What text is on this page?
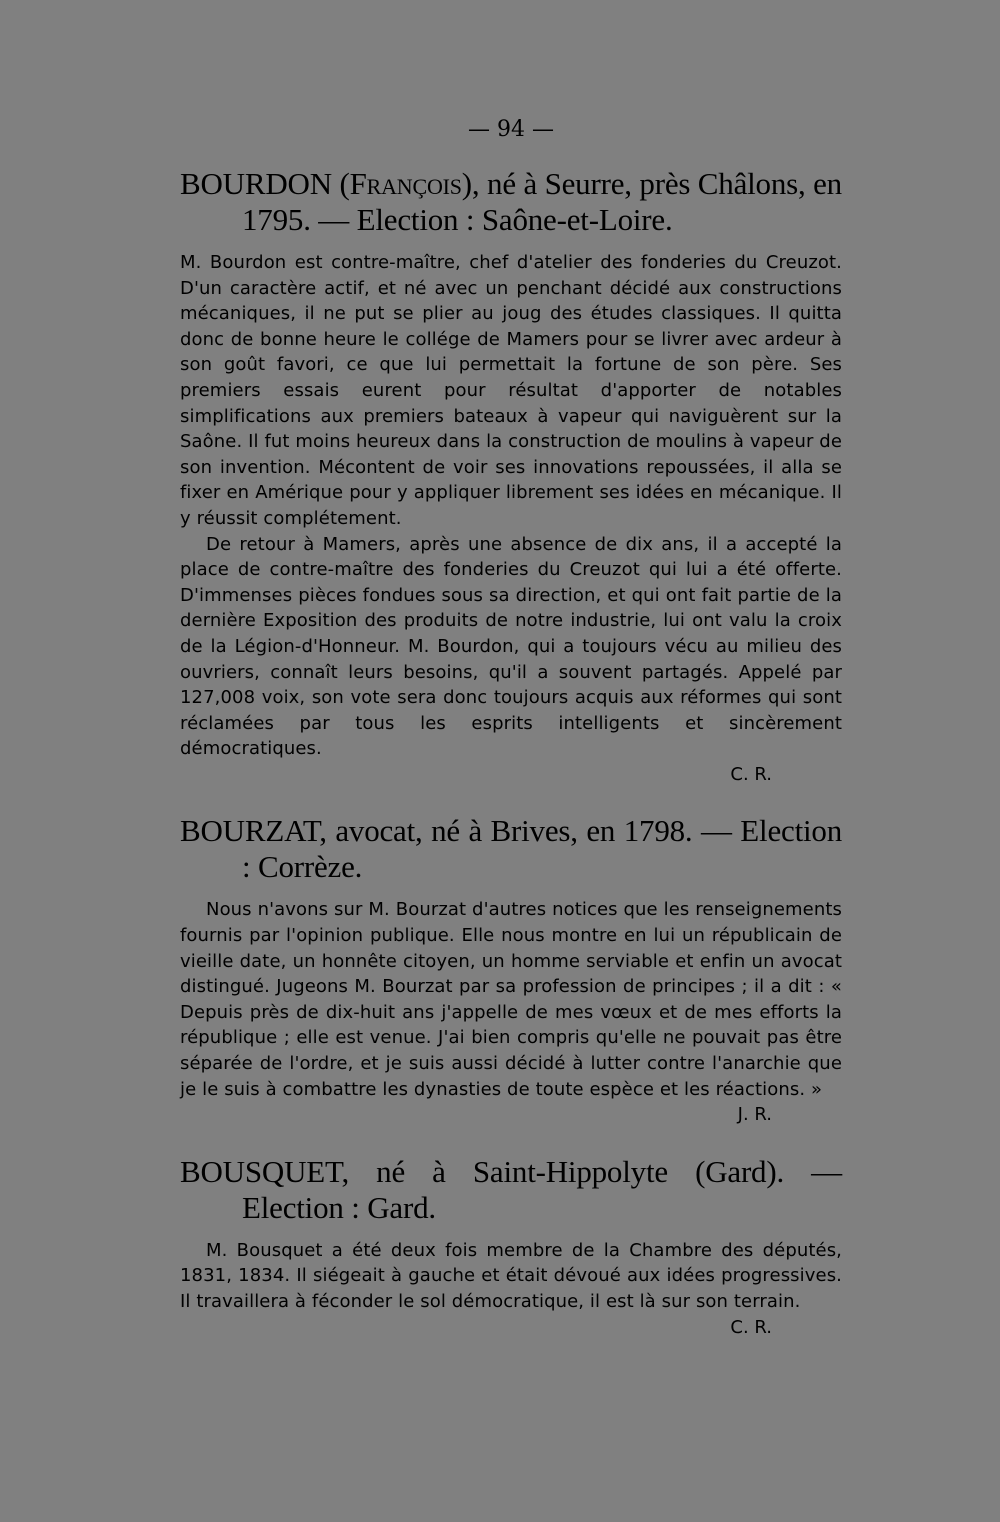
— 94 —

BOURDON (François), né à Seurre, près Châlons, en 1795. — Election : Saône-et-Loire.

M. Bourdon est contre-maître, chef d'atelier des fonderies du Creuzot. D'un caractère actif, et né avec un penchant décidé aux constructions mécaniques, il ne put se plier au joug des études classiques. Il quitta donc de bonne heure le collége de Mamers pour se livrer avec ardeur à son goût favori, ce que lui permettait la fortune de son père. Ses premiers essais eurent pour résultat d'apporter de notables simplifications aux premiers bateaux à vapeur qui naviguèrent sur la Saône. Il fut moins heureux dans la construction de moulins à vapeur de son invention. Mécontent de voir ses innovations repoussées, il alla se fixer en Amérique pour y appliquer librement ses idées en mécanique. Il y réussit complétement.

De retour à Mamers, après une absence de dix ans, il a accepté la place de contre-maître des fonderies du Creuzot qui lui a été offerte. D'immenses pièces fondues sous sa direction, et qui ont fait partie de la dernière Exposition des produits de notre industrie, lui ont valu la croix de la Légion-d'Honneur. M. Bourdon, qui a toujours vécu au milieu des ouvriers, connaît leurs besoins, qu'il a souvent partagés. Appelé par 127,008 voix, son vote sera donc toujours acquis aux réformes qui sont réclamées par tous les esprits intelligents et sincèrement démocratiques.

C. R.

BOURZAT, avocat, né à Brives, en 1798. — Election : Corrèze.

Nous n'avons sur M. Bourzat d'autres notices que les renseignements fournis par l'opinion publique. Elle nous montre en lui un républicain de vieille date, un honnête citoyen, un homme serviable et enfin un avocat distingué. Jugeons M. Bourzat par sa profession de principes ; il a dit : « Depuis près de dix-huit ans j'appelle de mes vœux et de mes efforts la république ; elle est venue. J'ai bien compris qu'elle ne pouvait pas être séparée de l'ordre, et je suis aussi décidé à lutter contre l'anarchie que je le suis à combattre les dynasties de toute espèce et les réactions. »

J. R.

BOUSQUET, né à Saint-Hippolyte (Gard). — Election : Gard.

M. Bousquet a été deux fois membre de la Chambre des députés, 1831, 1834. Il siégeait à gauche et était dévoué aux idées progressives. Il travaillera à féconder le sol démocratique, il est là sur son terrain.

C. R.
